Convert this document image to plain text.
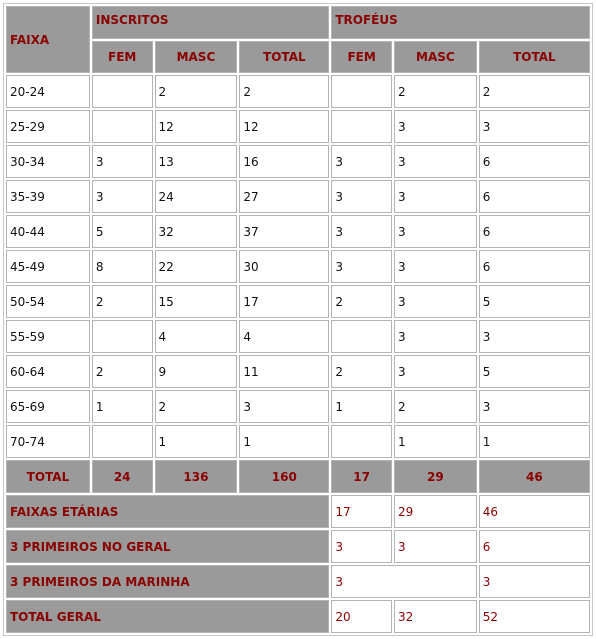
FAIXA	INSCRITOS			TROFÉUS		
	FEM	MASC	TOTAL	FEM	MASC	TOTAL
20-24		2	2		2	2
25-29		12	12		3	3
30-34	3	13	16	3	3	6
35-39	3	24	27	3	3	6
40-44	5	32	37	3	3	6
45-49	8	22	30	3	3	6
50-54	2	15	17	2	3	5
55-59		4	4		3	3
60-64	2	9	11	2	3	5
65-69	1	2	3	1	2	3
70-74		1	1		1	1
TOTAL	24	136	160	17	29	46
FAIXAS ETÁRIAS				17	29	46
3 PRIMEIROS NO GERAL				3	3	6
3 PRIMEIROS DA MARINHA				3		3
TOTAL GERAL				20	32	52
